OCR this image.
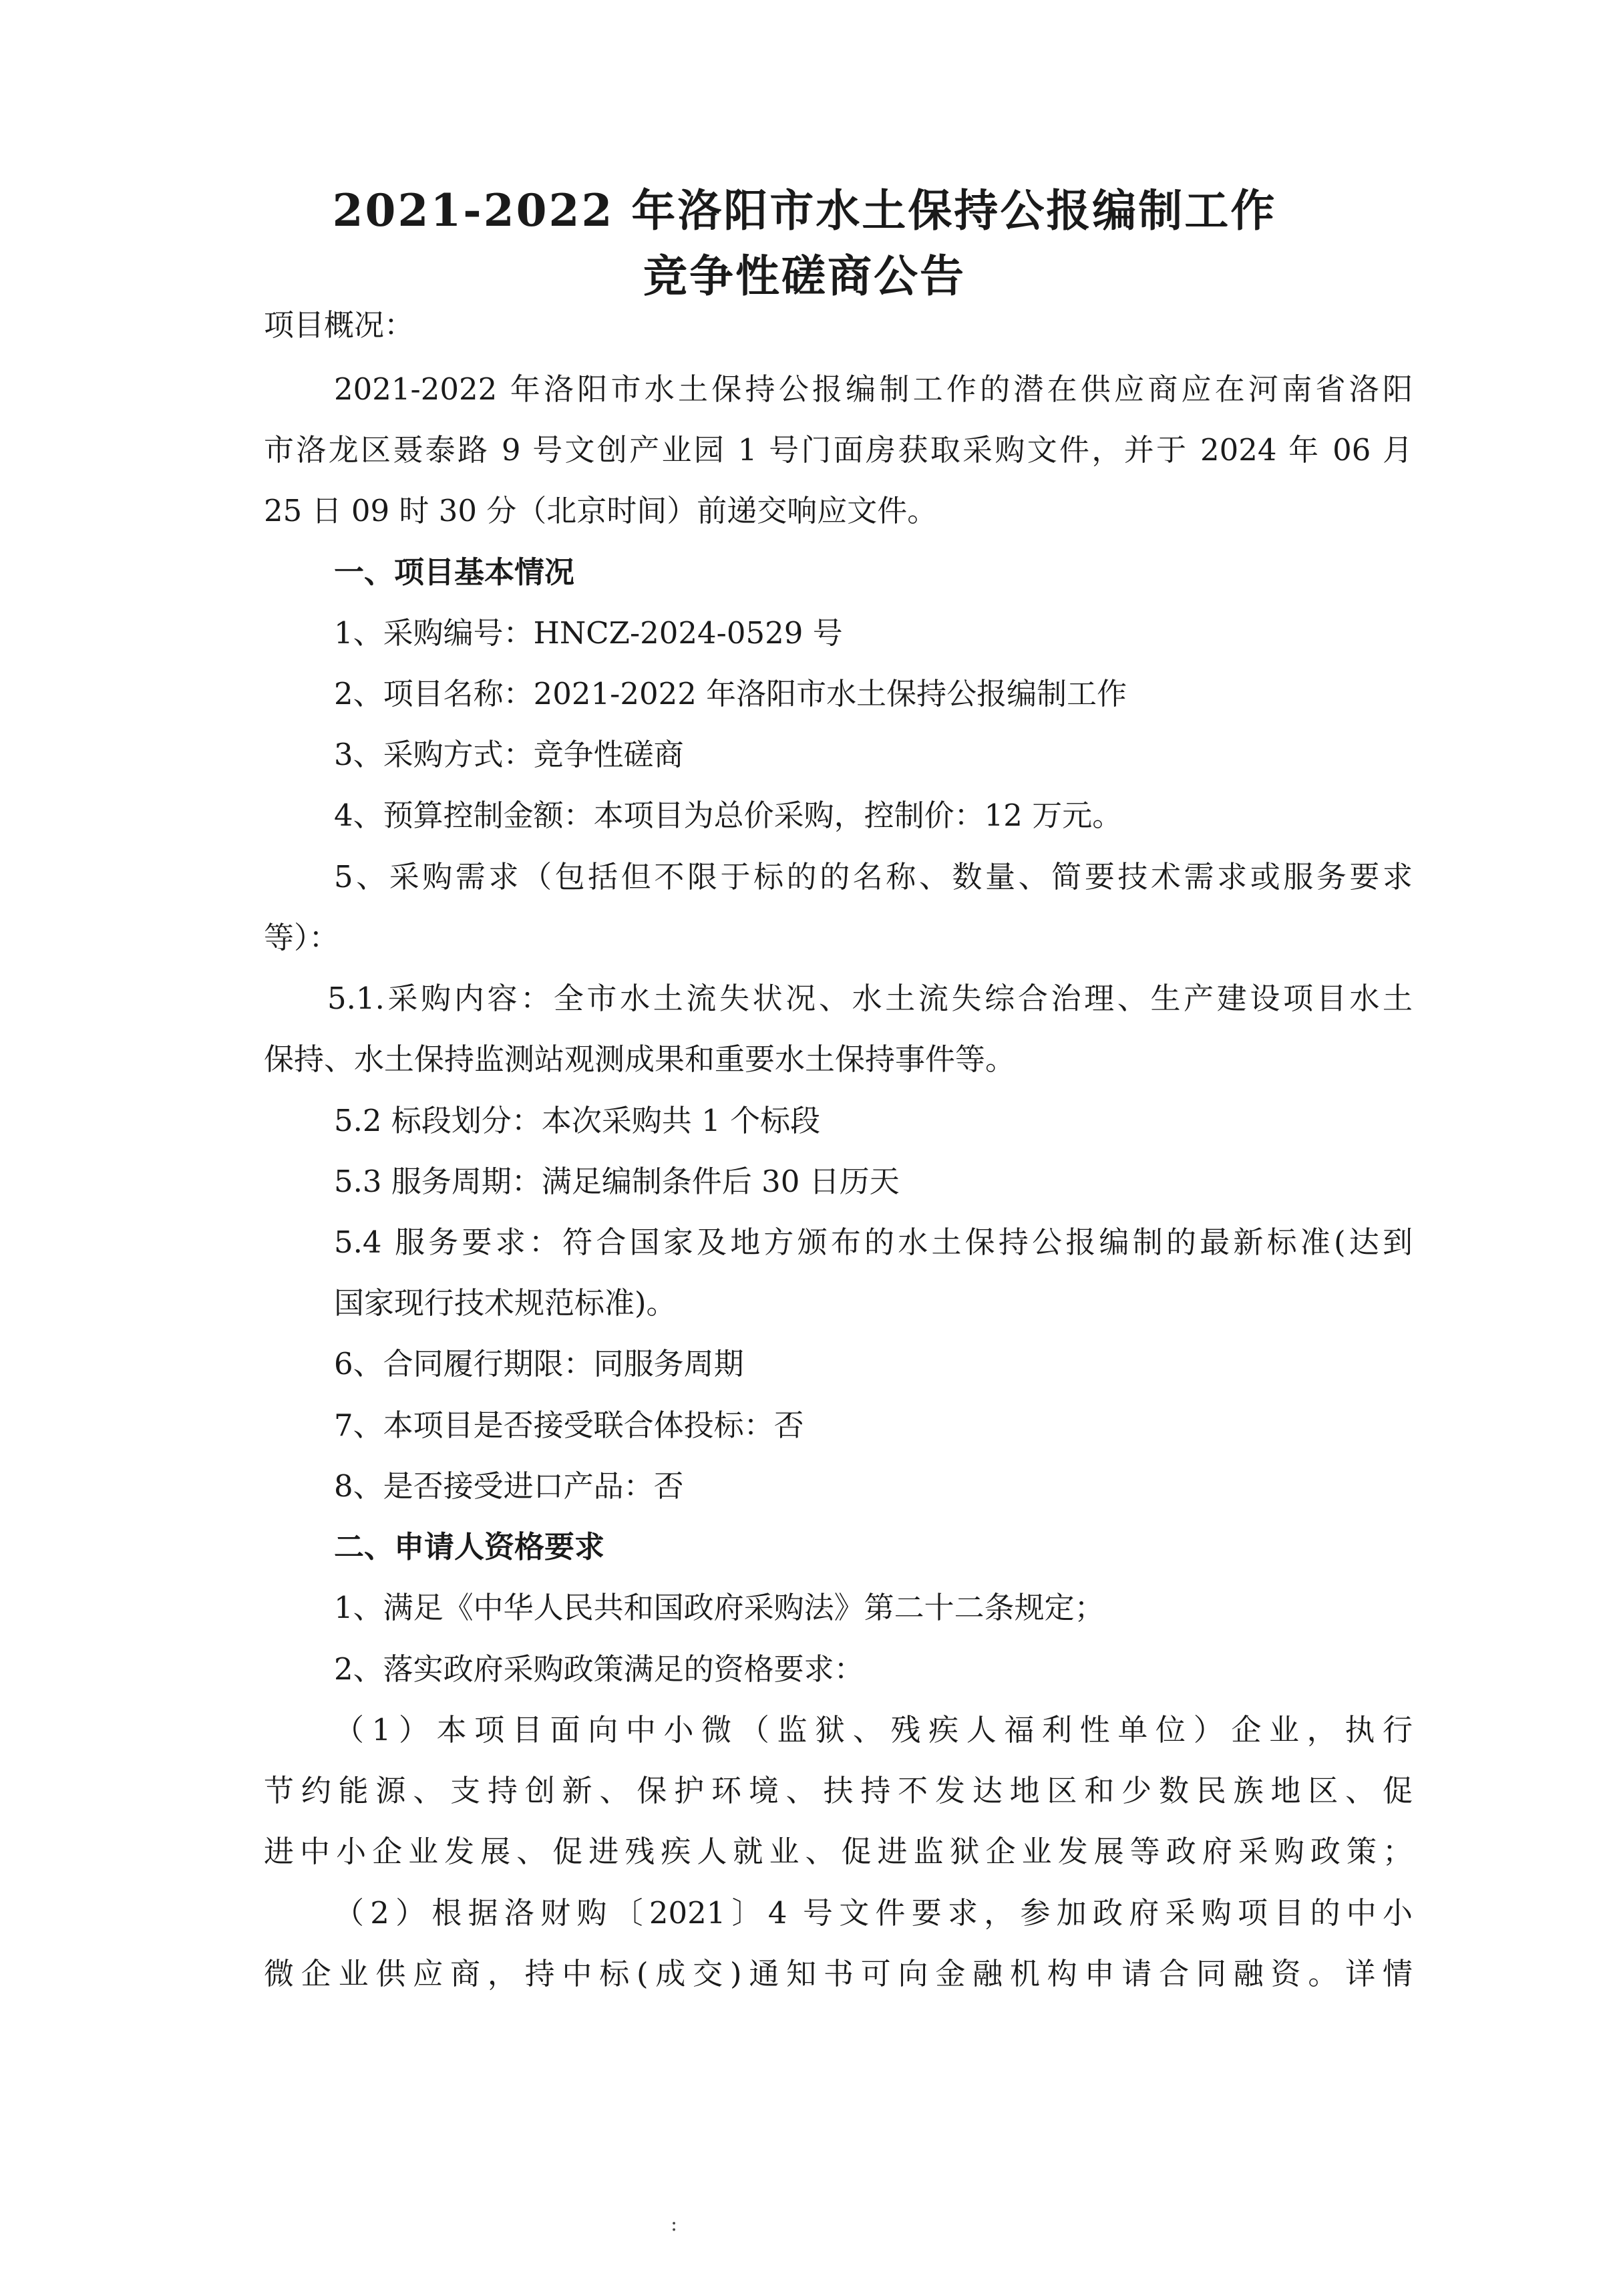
2021-2022 年洛阳市水土保持公报编制工作
竞争性磋商公告

项目概况：

2021-2022 年洛阳市水土保持公报编制工作的潜在供应商应在河南省洛阳

市洛龙区聂泰路 9 号文创产业园 1 号门面房获取采购文件，并于 2024 年 06 月

25 日 09 时 30 分（北京时间）前递交响应文件。

一、项目基本情况

1、采购编号：HNCZ-2024-0529 号

2、项目名称：2021-2022 年洛阳市水土保持公报编制工作

3、采购方式：竞争性磋商

4、预算控制金额：本项目为总价采购，控制价：12 万元。

5、采购需求（包括但不限于标的的名称、数量、简要技术需求或服务要求

等）：

5.1.采购内容：全市水土流失状况、水土流失综合治理、生产建设项目水土

保持、水土保持监测站观测成果和重要水土保持事件等。

5.2 标段划分：本次采购共 1 个标段

5.3 服务周期：满足编制条件后 30 日历天

5.4 服务要求：符合国家及地方颁布的水土保持公报编制的最新标准(达到

国家现行技术规范标准)。

6、合同履行期限：同服务周期

7、本项目是否接受联合体投标：否

8、是否接受进口产品：否

二、申请人资格要求

1、满足《中华人民共和国政府采购法》第二十二条规定；

2、落实政府采购政策满足的资格要求：

（1）本项目面向中小微（监狱、残疾人福利性单位）企业，执行

节约能源、支持创新、保护环境、扶持不发达地区和少数民族地区、促

进中小企业发展、促进残疾人就业、促进监狱企业发展等政府采购政策；

（2）根据洛财购〔2021〕4 号文件要求，参加政府采购项目的中小

微企业供应商，持中标(成交)通知书可向金融机构申请合同融资。详情

:
